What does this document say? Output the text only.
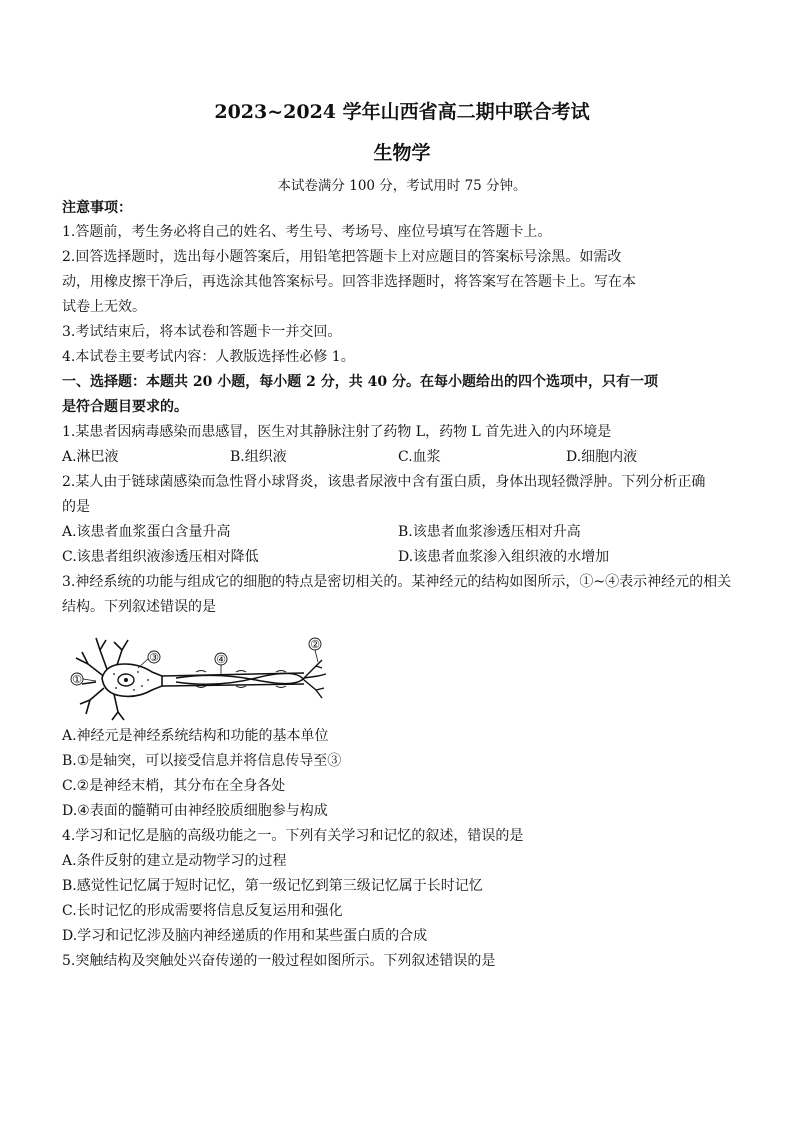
2023~2024 学年山西省高二期中联合考试
生物学
本试卷满分 100 分，考试用时 75 分钟。
注意事项：
1.答题前，考生务必将自己的姓名、考生号、考场号、座位号填写在答题卡上。
2.回答选择题时，选出每小题答案后，用铅笔把答题卡上对应题目的答案标号涂黑。如需改
动，用橡皮擦干净后，再选涂其他答案标号。回答非选择题时，将答案写在答题卡上。写在本
试卷上无效。
3.考试结束后，将本试卷和答题卡一并交回。
4.本试卷主要考试内容：人教版选择性必修 1。
一、选择题：本题共 20 小题，每小题 2 分，共 40 分。在每小题给出的四个选项中，只有一项
是符合题目要求的。
1.某患者因病毒感染而患感冒，医生对其静脉注射了药物 L，药物 L 首先进入的内环境是
A.淋巴液	B.组织液	C.血浆	D.细胞内液
2.某人由于链球菌感染而急性肾小球肾炎，该患者尿液中含有蛋白质，身体出现轻微浮肿。下列分析正确
的是
A.该患者血浆蛋白含量升高	B.该患者血浆渗透压相对升高
C.该患者组织液渗透压相对降低	D.该患者血浆渗入组织液的水增加
3.神经系统的功能与组成它的细胞的特点是密切相关的。某神经元的结构如图所示，①~④表示神经元的相关
结构。下列叙述错误的是
①
②
③	④
A.神经元是神经系统结构和功能的基本单位
B.①是轴突，可以接受信息并将信息传导至③
C.②是神经末梢，其分布在全身各处
D.④表面的髓鞘可由神经胶质细胞参与构成
4.学习和记忆是脑的高级功能之一。下列有关学习和记忆的叙述，错误的是
A.条件反射的建立是动物学习的过程
B.感觉性记忆属于短时记忆，第一级记忆到第三级记忆属于长时记忆
C.长时记忆的形成需要将信息反复运用和强化
D.学习和记忆涉及脑内神经递质的作用和某些蛋白质的合成
5.突触结构及突触处兴奋传递的一般过程如图所示。下列叙述错误的是
